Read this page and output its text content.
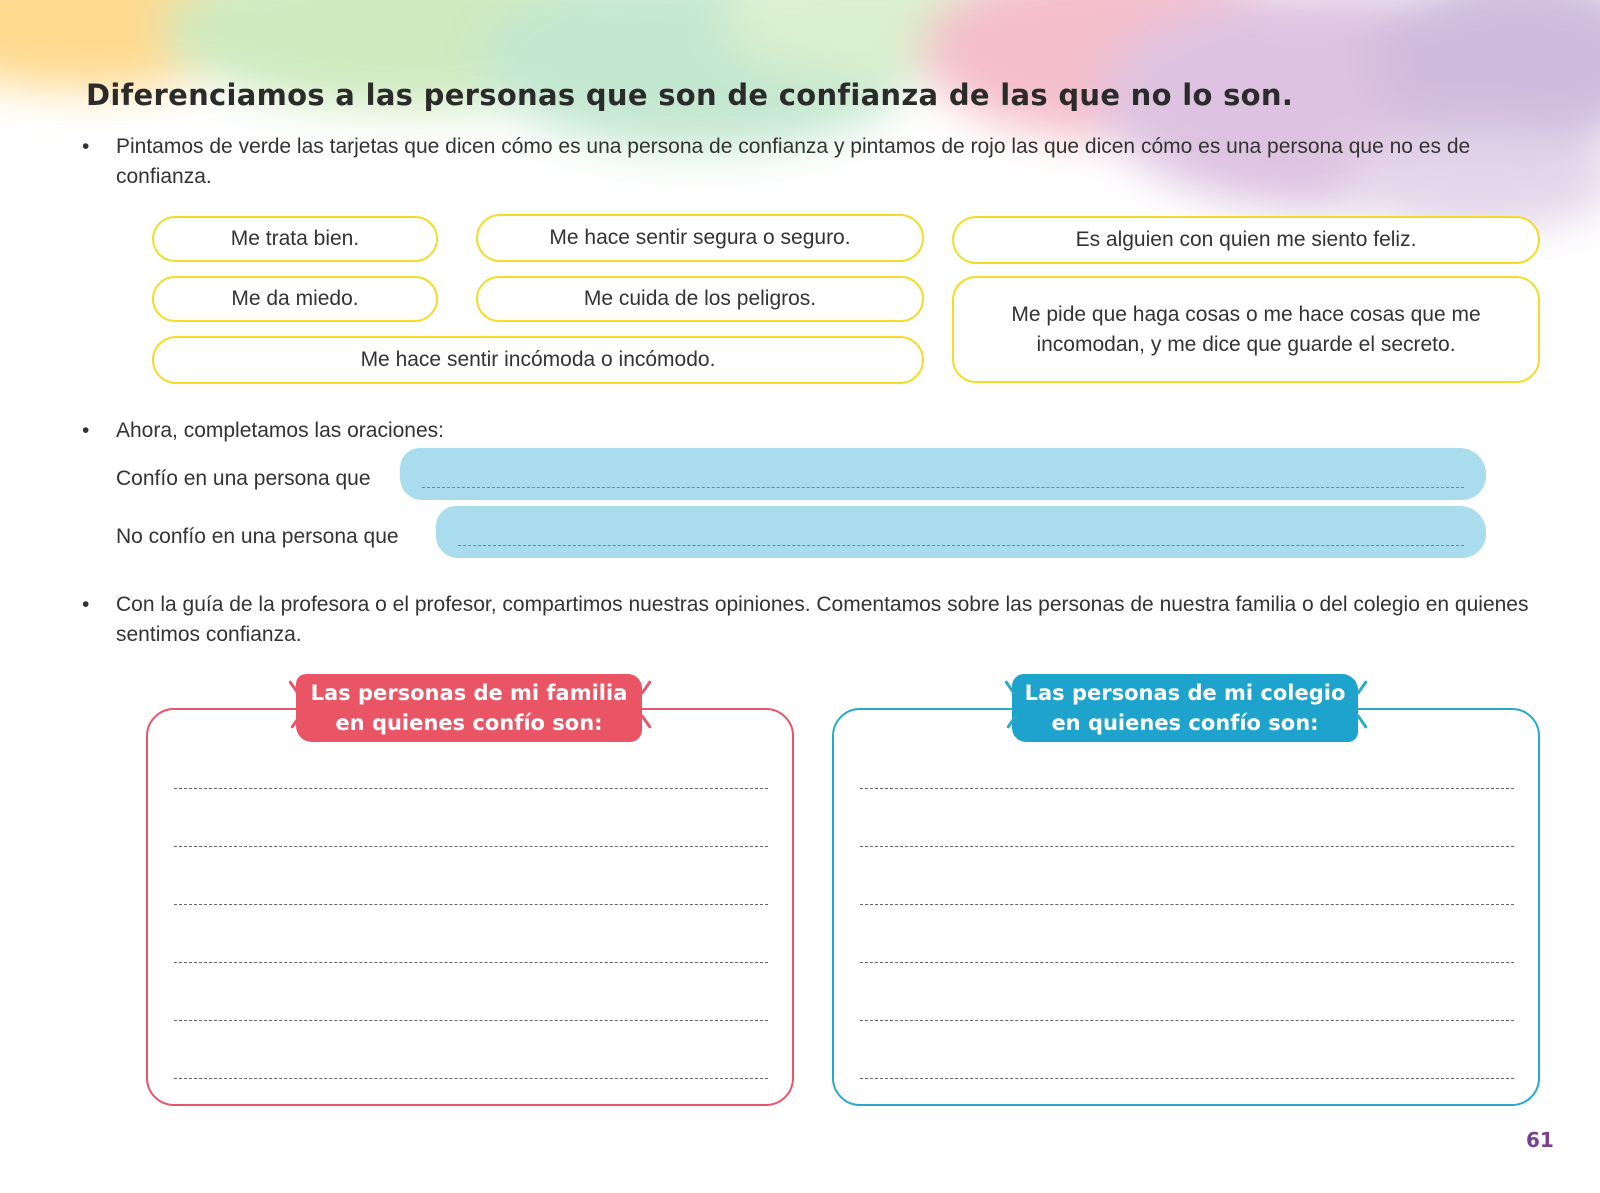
Diferenciamos a las personas que son de confianza de las que no lo son.
• Pintamos de verde las tarjetas que dicen cómo es una persona de confianza y pintamos de rojo las que dicen cómo es una persona que no es de confianza.
Me trata bien.	Me hace sentir segura o seguro.	Es alguien con quien me siento feliz.
Me da miedo.	Me cuida de los peligros.
Me pide que haga cosas o me hace cosas que me incomodan, y me dice que guarde el secreto.
Me hace sentir incómoda o incómodo.
• Ahora, completamos las oraciones:
Confío en una persona que
No confío en una persona que
• Con la guía de la profesora o el profesor, compartimos nuestras opiniones. Comentamos sobre las personas de nuestra familia o del colegio en quienes sentimos confianza.
Las personas de mi familia
en quienes confío son:
Las personas de mi colegio
en quienes confío son:
61
